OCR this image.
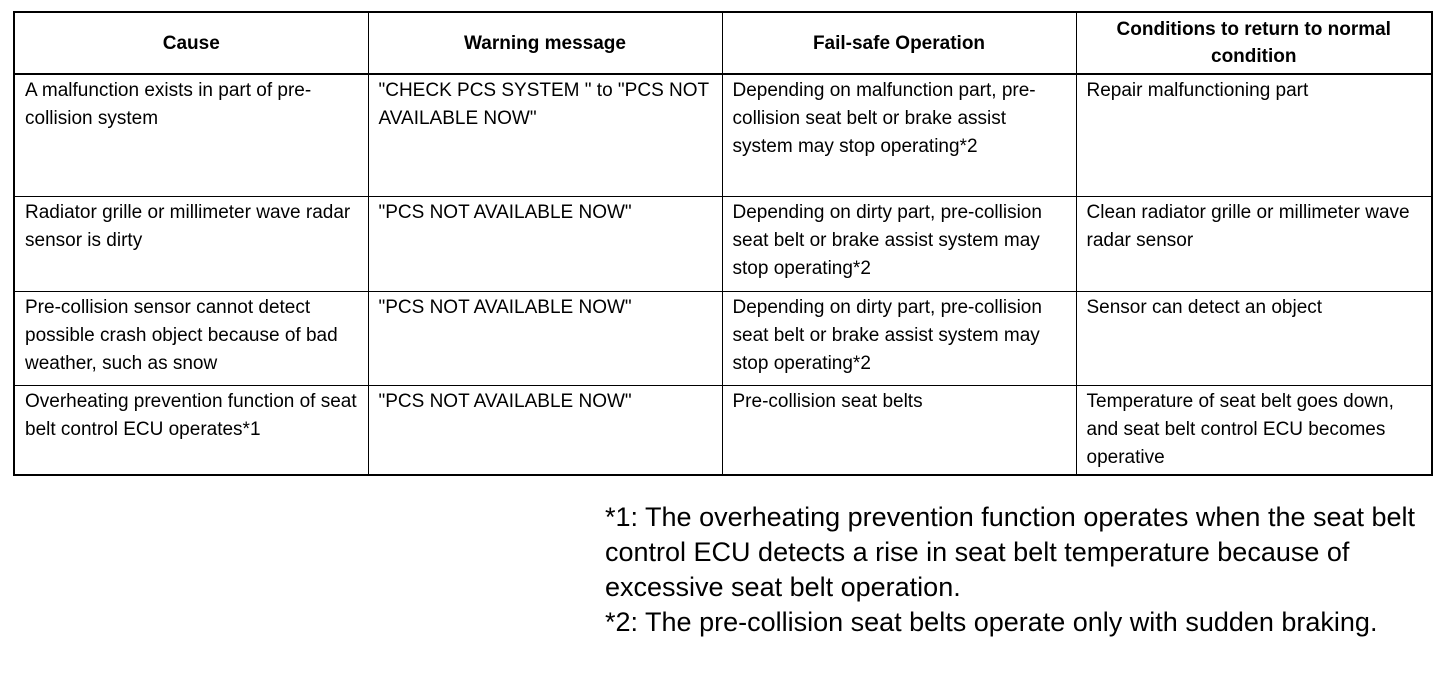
Cause	Warning message	Fail-safe Operation	Conditions to return to normal condition
A malfunction exists in part of pre-collision system	"CHECK PCS SYSTEM " to "PCS NOT AVAILABLE NOW"	Depending on malfunction part, pre-collision seat belt or brake assist system may stop operating*2	Repair malfunctioning part
Radiator grille or millimeter wave radar sensor is dirty	"PCS NOT AVAILABLE NOW"	Depending on dirty part, pre-collision seat belt or brake assist system may stop operating*2	Clean radiator grille or millimeter wave radar sensor
Pre-collision sensor cannot detect possible crash object because of bad weather, such as snow	"PCS NOT AVAILABLE NOW"	Depending on dirty part, pre-collision seat belt or brake assist system may stop operating*2	Sensor can detect an object
Overheating prevention function of seat belt control ECU operates*1	"PCS NOT AVAILABLE NOW"	Pre-collision seat belts	Temperature of seat belt goes down, and seat belt control ECU becomes operative
*1: The overheating prevention function operates when the seat belt control ECU detects a rise in seat belt temperature because of excessive seat belt operation.
*2: The pre-collision seat belts operate only with sudden braking.
